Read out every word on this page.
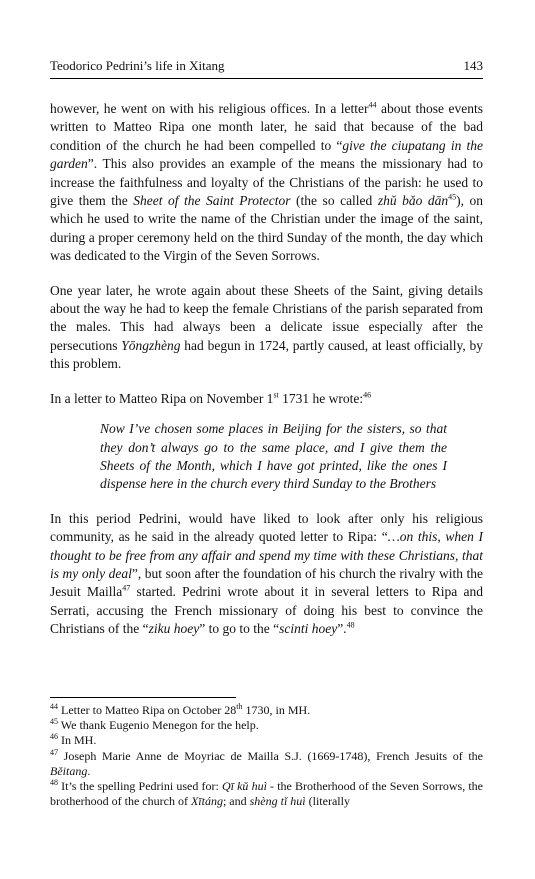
Teodorico Pedrini’s life in Xitang	143

however, he went on with his religious offices. In a letter$^{44}$ about those events written to Matteo Ripa one month later, he said that because of the bad condition of the church he had been compelled to “give the ciupatang in the garden”. This also provides an example of the means the missionary had to increase the faithfulness and loyalty of the Christians of the parish: he used to give them the Sheet of the Saint Protector (the so called zhǔ bǎo dān$^{45}$), on which he used to write the name of the Christian under the image of the saint, during a proper ceremony held on the third Sunday of the month, the day which was dedicated to the Virgin of the Seven Sorrows.

One year later, he wrote again about these Sheets of the Saint, giving details about the way he had to keep the female Christians of the parish separated from the males. This had always been a delicate issue especially after the persecutions Yōngzhèng had begun in 1724, partly caused, at least officially, by this problem.

In a letter to Matteo Ripa on November 1st 1731 he wrote:$^{46}$

Now I’ve chosen some places in Beijing for the sisters, so that they don’t always go to the same place, and I give them the Sheets of the Month, which I have got printed, like the ones I dispense here in the church every third Sunday to the Brothers

In this period Pedrini, would have liked to look after only his religious community, as he said in the already quoted letter to Ripa: “…on this, when I thought to be free from any affair and spend my time with these Christians, that is my only deal”, but soon after the foundation of his church the rivalry with the Jesuit Mailla$^{47}$ started. Pedrini wrote about it in several letters to Ripa and Serrati, accusing the French missionary of doing his best to convince the Christians of the “ziku hoey” to go to the “scinti hoey”.$^{48}$

$^{44}$ Letter to Matteo Ripa on October 28th 1730, in MH.
$^{45}$ We thank Eugenio Menegon for the help.
$^{46}$ In MH.
$^{47}$ Joseph Marie Anne de Moyriac de Mailla S.J. (1669-1748), French Jesuits of the Běitang.
$^{48}$ It’s the spelling Pedrini used for: Qī kǔ huì - the Brotherhood of the Seven Sorrows, the brotherhood of the church of Xītáng; and shèng tǐ huì (literally
